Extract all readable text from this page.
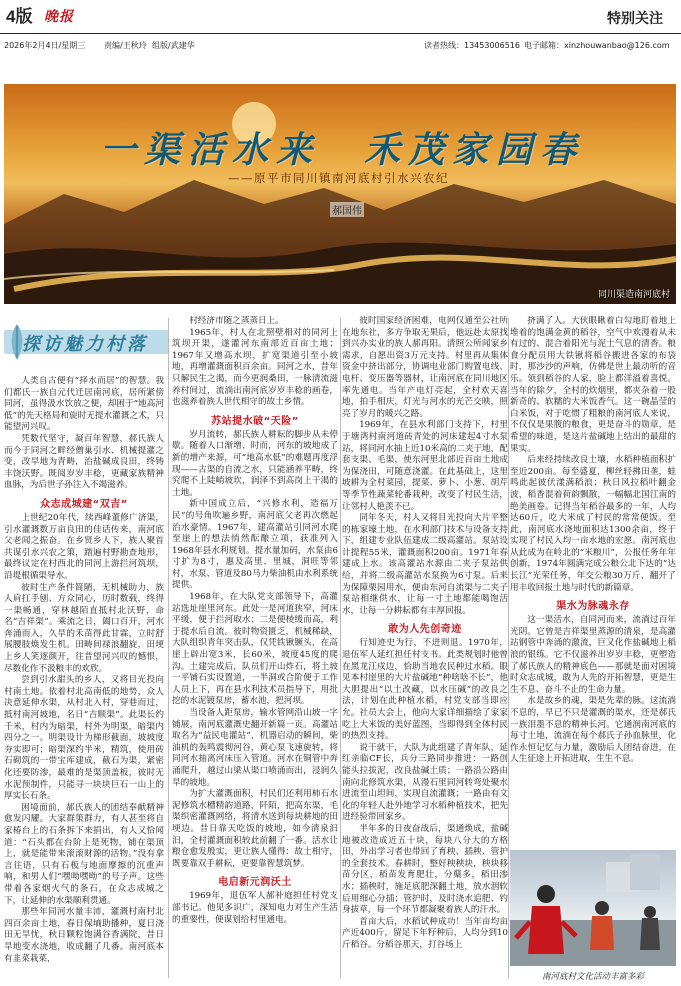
4版 晚报	特别关注
2026年2月4日/星期三 责编/王秋玲 组版/武建华	读者热线：13453006516 电子邮箱：xinzhouwanbao@126.com
一渠活水来　禾茂家园春
——原平市同川镇南河底村引水兴农纪
郝国伟
同川渠造南河底村
探访魅力村落

人类自古便有“择水而居”的智慧。我们都氏一族自元代迁居南河底，居所紧傍同河，虽得汲水饮放之便，却困于“地高河低”的先天格局和旋时无提水灌溉之术，只能望河兴叹。

凭数代坚守，凝百年智慧，郝氏族人而今于同河之畔经僧巢引水、机械提灌之变，改旱地为青畴，治盐碱成良田，终铸丰饶沃野。既阅岁岁丰稔，更藏家族精神血脉，为后世子孙注入不竭滋养。

众志成城建“双吉”

上世纪20年代，续西峰董修广济渠，引水灌溉数万亩良田的佳话传来，南河底父老闻之振奋。在乡贤乡人下，族人聚首共谋引水兴农之策，踏遍村野勘查地形，最终议定在村西北的同河上游拦河筑坝，沿堤根循渠导水。

彼时生产条件简陋，无机械助力，族人肩扛手刨、方众同心，历时数载，终得一渠畅通，穿林越陌直抵村北沃野，命名“吉祥渠”。乘流之日，阖口百开，河水奔涌而入，久旱的禾苗得此甘霖，立时舒展腰肢焕发生机。田畴间禄浪翻旋，田埂上乡人笑逐颜开，往昔望河兴叹的憾恨，尽数化作不汲粮丰的欢欣。

尝到引水甜头的乡人，又将目光投向村南土地。依着村北高南低的地势，众人决意延伸水渠，从村北入村，穿巷而过，抵村南河坡地，名日“吉顺渠”。此渠长约千米，村内为暗渠，村外为明渠，暗渠内四分之一。明渠设计为梯形截面，坡坡度夯实即可；暗渠深约半米，精筑，使用砖石砌筑的一带宝库建成，截石为渠，紧密化还要防渗，最难的是渠顶盖板，彼时无水泥预制件，只能寻一块块巨石一山上的厚实长石条。

困境面前，郝氏族人的团结奉献精神愈发闪耀。大家群策群力，有人甚至将自家椿台上的石条拆下来捐出，有人又恰闻道：“石头都在台阶上是死物，铺在渠顶上，就是能带来滚滚财源的活物。”没有拿言往语，只有石板与地面摩擦的沉重声响，和男人们“嘿呦嘿呦”的号子声。这些带着各家烟火气的条石，在众志成城之下，让延伸的水渠顺利贯通。

那些年同河水量丰沛，灌溉村南村北四百余亩土地，春日保墒助播种，夏日浇田无旱忧，秋日颗粒饱满谷香满院，昔日旱地变水浇地，收成翻了几番。南河底本有韭菜栽菜，

村经济市随之蒸蒸日上。

1965年，村人在北照壁相对的同河上筑坝开渠，遂灌河东南部近百亩土地；1967年又增高水坝，扩宽渠道引至小坡地，再增灌溉面积百余亩。同河之水，昔年只解民生之渴，而今更润桑田，一脉清流滋养村间过，流淌出南河底岁岁丰稔的画卷，也滋养着族人世代相守的故土乡情。

苏站提水破“天险”

岁月流转，郝氏族人耕耘的脚步从未停歇。随着人口渐增、时而，河东的坡地成了新的增产来源，可“地高水低”的难题再度浮现——古渠的自流之水，只能涵养平畴，终究爬不上陡峭坡坎，润泽不到高岗上干渴的土地。

新中国成立后，“兴修水利，造福万民”的号角吹遍乡野，南河底父老再次燃起治水豪情。1967年，建高灌站引同河水爬至崖上的想法悄然酝酿立项，获准列入1968年县水利规划。提水量加码，水泵由6寸扩为8寸，惠及高里、里城，洞旺等邻村，水泵、管道及80马力柴油机由水利系统提供。

1968年，在大队党支部领导下，高灌站选址崖里河东。此处一是河道狭窄，河床平缓，便于拦河取水；二是便棱缓而高，利于提水后自流。彼时物资匮乏，机械稀缺，大队组织青年突击队，仅凭铁锹镢头，在高崖上辟出宽3米，长60米，坡度45度的爬沟。土建完成后，队员们开山炸石，将土坡一平铺石实设置道，一半洞或合阶便于工作人员上下，再在县水利技术员指导下，用批挖的水泥镀泵房，蓄水池，把河坝。

当设备人距泵房，输水管网沿山坡一字铺展，南河底灌溉史翻开新篇一页。高灌站取名为“益民电灌站”，机器启动的瞬间，柴油机的轰鸣震彻河谷，黄心泵飞速旋转，将同河水抽离河床压入管道。河水在铜管中奔涌爬升，越过山梁从渠口喷涌而出，浸润久旱的坡地。

为扩大灌溉面积，村民们还利用柿石水泥修筑水槽精韵道路，阡陌，把高东渠，毛渠织密灌溉网络，将清水送到每块耕地的田埂边。昔日靠天吃饭的坡地，如今清泉汩汩，全村灌溉面积较此前翻了一番。活水让粮仓愈发殷实，更让族人懂得：故土相守，既要靠双手耕耘，更要靠智慧筑梦。

电启新元润沃土

1969年，退伍军人郝补庭担任村党支部书记。他见多识广，深知电力对生产生活的重要性，便谋划给村里通电。

彼时国家经济困难，电网仅通至公社所在地东社，多方争取无果后，他远赴太原找到兴办实业的族人郝再阳。清照公所闻家乡需求，自愿出资3万元支持。村里再从集体资金中挤出部分，协调电业部门购置电线、电杆、变压器等器材，让南河底在同川地区率先通电。当年产电灯亮起，全村欢天喜地，拍手相庆，灯光与河水的光芒交映，照亮了岁月的暖兴之路。

1969年，在县水利部门支持下，村里于塘湾村南河道砖青处的河床建起4寸水泵站，将同河水抽上近10米高的二夹于地，配套支渠、毛渠，使东河里北部近百亩土地成为保浇田，可随意浇灌。在此基础上，这里坡耕为全村菜园，提菜、萝卜、小葱、胡芹等季节性蔬菜轮番栽种，改变了村民生活，让邻村人艳羡不已。

同年冬天，村人又将目光投向大片平整的栋家壕土地，在水利部门技术与设备支持下，组建专业队伍建成二级高灌站。泵站设计提程55米，灌溉面积200亩。1971年春建成上水。该高灌站水源由二夹子泵站供给，并将二级高灌站水泵换为6寸泵。后来为保障栗园用水，便由东河自流渠与二夹子泵站相继供水，让每一寸土地都能喝饱活水，让每一分耕耘都有丰厚回报。

敢为人先创奇迹

行知迹史为行，不进则退。1970年，退伍军人延红担任村支书。此类规划时他曾在黑龙江戍边，恰助当地农民种过水稻。眼见本村崖里的大片盐碱地“种啥啥不长”，他大胆提出“以土改藏，以水压碱”的改良之法，计划在此种植水稻，村党支部当即应允。社员大会上，他向大家详细描绘了家家吃上大米饭的美好蓝图，当即得到全体村民的热烈支持。

说干就干，大队为此组建了青年队，延红亲临CF长，兵分三路同步推进：一路创能头拉拔泥，改良盐碱土质；一路沿公路由南向北修筑水渠，从漫石里同河转弯处聚水进流至山坦间，实现自流灌溉；一路由有文化的年轻人赴外地学习水稻种植技术，把先进经验带回家乡。

半年多的日夜奋战后，渠通焕成，盐碱地被改造成近五十块，每块八分大的方格田，外出学习者也带回了育秧、插秧、管护的全套技术。春耕时，整好秧秧块，秧块移苗分区，稻苗发育肥壮，分蘖多，稻田渗水；插秧时，施足底肥深翻土地，放水洇软后用细心分插；管护时，及时浇水追肥、钓身拔草，每一个环节都凝聚着族人的汗水。

首亩大后，水稻试种成功！当年亩均亩产近400斤，留足下年籽种后，人均分到10斤稻谷。分稻谷那天，打谷场上

挤满了人。大伙眼瞅着白勾地盯着地上堆着的饱满金黄的稻谷，空气中欢漫着从未有过的、混合着阳光与泥土气息的清香。粮食分配员用大铁锹将稻谷搬进各家的布袋时，那沙沙的声响，仿佛是世上最动听的音乐。领到稻谷的人家，脸上都洋溢着喜悦。当年的除夕，全村的炊烟里，都夹杂着一股新奇的、软糯的大米饭香气。这一碗晶莹的白米饭，对于吃惯了粗粮的南河底人来说，不仅仅是果腹的粮食，更是奋斗的勋章，是希望的味道，是这片盐碱地上结出的最甜的果实。

后来经持续改良土壤，水稻种植面积扩至近200亩。每至盛夏，柳丝轻拂田垄，蛙鸣此起彼伏漾满稻浪；秋日风拉稻叶翻金波，稻香混着荷韵飘散，一幅幅北国江南的绝美画卷。记得当年稻谷最多的一年，人均达60斤，吃大米成了村民的常常便饭。至此，南河底水浇地面积达1300余亩，终于实现了村民入均一亩水地的宏愿。南河底也从此成为在岭北的“米粮川”，公报任务年年创新，1974年圆满完成公粮公北下达的“达长江”光荣任务，年交公粮30万斤，翻开了用丰收回报土地与时代的新篇章。

渠水为脉魂永存

这一渠活水，自同河而来，流淌过百年光阴。它曾是吉祥渠里蒸源的清泉，是高灌站钢管中奔涌的激流，巨又化作盐碱地上稻浪的银练。它不仅滋养出岁岁丰稔，更塑造了郝氏族人的精神底色——那就是面对困境时众志成城，敢为人先的开拓智慧，更是生生不息、奋斗不止的生命力量。

水是故乡的魂，渠是先辈的脉。这流淌不息的，早已不只是灌溉的渠水，还是郝氏一族泪墨不息的精神长河。它通润南河底的每寸土地，流淌在每个郝氏子孙血脉里，化作永恒记忆与力量，激励后人团结奋进，在人生征途上开拓进取，生生不息。

南河底村文化活动丰富多彩
